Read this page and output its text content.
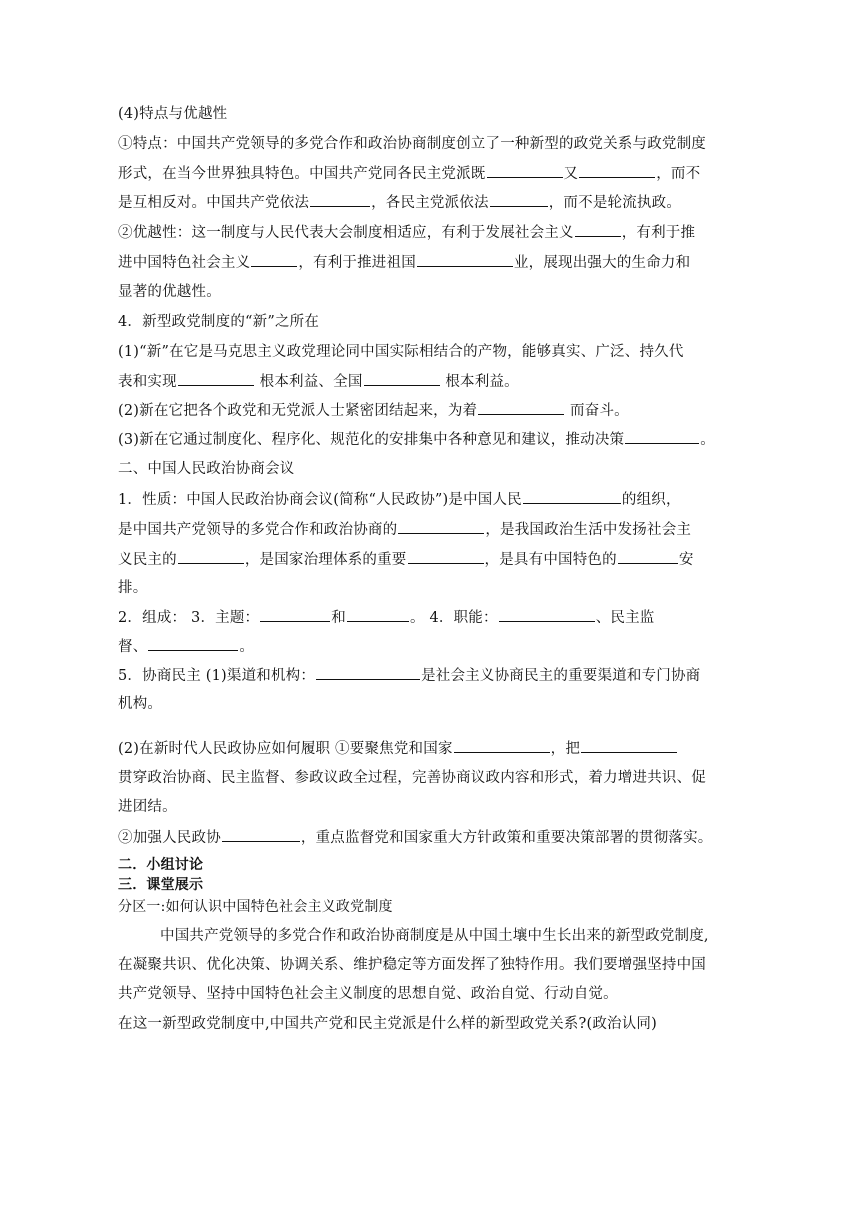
(4)特点与优越性
①特点：中国共产党领导的多党合作和政治协商制度创立了一种新型的政党关系与政党制度
形式，在当今世界独具特色。中国共产党同各民主党派既	又	，而不
是互相反对。中国共产党依法	，各民主党派依法	，而不是轮流执政。
②优越性：这一制度与人民代表大会制度相适应，有利于发展社会主义	，有利于推
进中国特色社会主义	，有利于推进祖国	业，展现出强大的生命力和
显著的优越性。
4．新型政党制度的“新”之所在
(1)“新”在它是马克思主义政党理论同中国实际相结合的产物，能够真实、广泛、持久代
表和实现	根本利益、全国	根本利益。
(2)新在它把各个政党和无党派人士紧密团结起来，为着	而奋斗。
(3)新在它通过制度化、程序化、规范化的安排集中各种意见和建议，推动决策	。
二、中国人民政治协商会议
1．性质：中国人民政治协商会议(简称“人民政协”)是中国人民	的组织，
是中国共产党领导的多党合作和政治协商的	，是我国政治生活中发扬社会主
义民主的	，是国家治理体系的重要	，是具有中国特色的	安
排。
2．组成： 3．主题：	和	。 4．职能：	、民主监
督、	。
5．协商民主 (1)渠道和机构：	是社会主义协商民主的重要渠道和专门协商
机构。
(2)在新时代人民政协应如何履职 ①要聚焦党和国家	，把
贯穿政治协商、民主监督、参政议政全过程，完善协商议政内容和形式，着力增进共识、促
进团结。
②加强人民政协	，重点监督党和国家重大方针政策和重要决策部署的贯彻落实。
二．小组讨论
三．课堂展示
分区一:如何认识中国特色社会主义政党制度
中国共产党领导的多党合作和政治协商制度是从中国土壤中生长出来的新型政党制度,
在凝聚共识、优化决策、协调关系、维护稳定等方面发挥了独特作用。我们要增强坚持中国
共产党领导、坚持中国特色社会主义制度的思想自觉、政治自觉、行动自觉。
在这一新型政党制度中,中国共产党和民主党派是什么样的新型政党关系?(政治认同)
